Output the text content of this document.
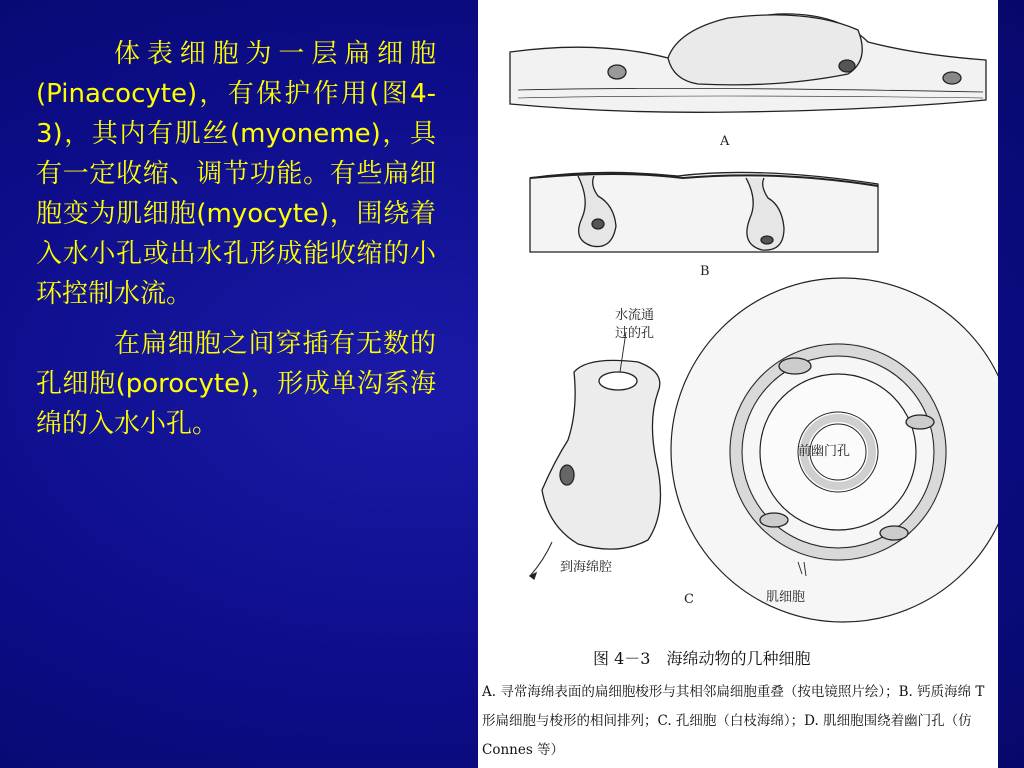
体表细胞为一层扁细胞(Pinacocyte)，有保护作用(图4-3)，其内有肌丝(myoneme)，具有一定收缩、调节功能。有些扁细胞变为肌细胞(myocyte)，围绕着入水小孔或出水孔形成能收缩的小环控制水流。

在扁细胞之间穿插有无数的孔细胞(porocyte)，形成单沟系海绵的入水小孔。

A
B
C
水流通
过的孔
到海绵腔
前幽门孔
肌细胞
图 4－3　海绵动物的几种细胞
A. 寻常海绵表面的扁细胞梭形与其相邻扁细胞重叠（按电镜照片绘）；B. 钙质海绵 T 形扁细胞与梭形的相间排列；C. 孔细胞（白枝海绵）；D. 肌细胞围绕着幽门孔（仿 Connes 等）
